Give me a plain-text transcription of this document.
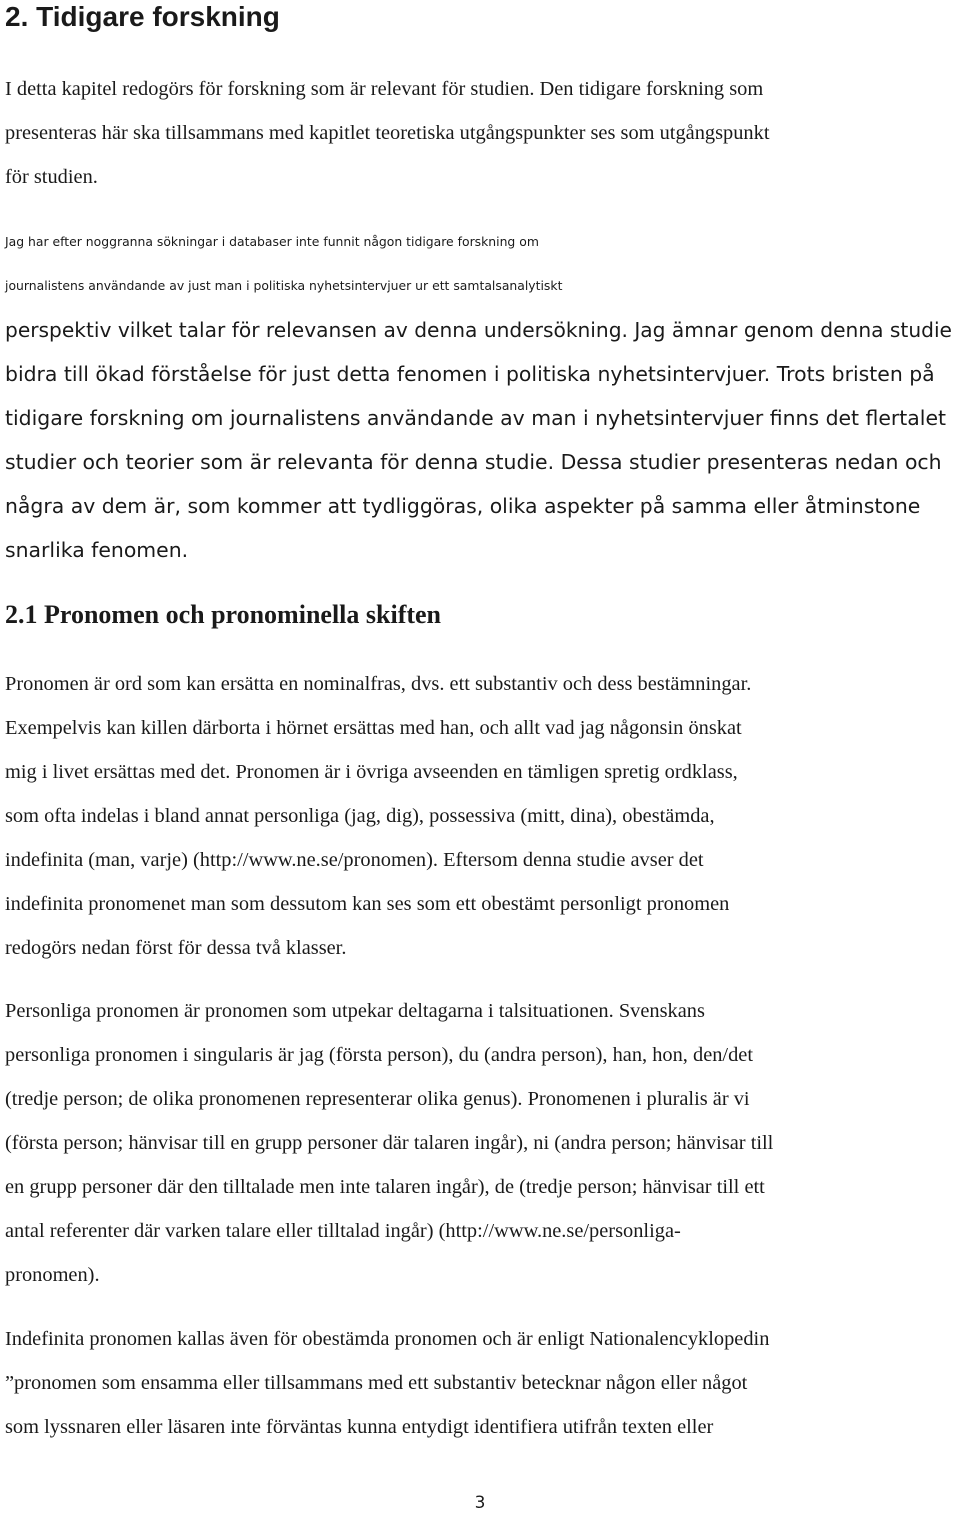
2. Tidigare forskning
I detta kapitel redogörs för forskning som är relevant för studien. Den tidigare forskning som
presenteras här ska tillsammans med kapitlet teoretiska utgångspunkter ses som utgångspunkt
för studien.
Jag har efter noggranna sökningar i databaser inte funnit någon tidigare forskning om
journalistens användande av just man i politiska nyhetsintervjuer ur ett samtalsanalytiskt
perspektiv vilket talar för relevansen av denna undersökning. Jag ämnar genom denna studie
bidra till ökad förståelse för just detta fenomen i politiska nyhetsintervjuer. Trots bristen på
tidigare forskning om journalistens användande av man i nyhetsintervjuer finns det flertalet
studier och teorier som är relevanta för denna studie. Dessa studier presenteras nedan och
några av dem är, som kommer att tydliggöras, olika aspekter på samma eller åtminstone
snarlika fenomen.
2.1 Pronomen och pronominella skiften
Pronomen är ord som kan ersätta en nominalfras, dvs. ett substantiv och dess bestämningar.
Exempelvis kan killen därborta i hörnet ersättas med han, och allt vad jag någonsin önskat
mig i livet ersättas med det. Pronomen är i övriga avseenden en tämligen spretig ordklass,
som ofta indelas i bland annat personliga (jag, dig), possessiva (mitt, dina), obestämda,
indefinita (man, varje) (http://www.ne.se/pronomen). Eftersom denna studie avser det
indefinita pronomenet man som dessutom kan ses som ett obestämt personligt pronomen
redogörs nedan först för dessa två klasser.
Personliga pronomen är pronomen som utpekar deltagarna i talsituationen. Svenskans
personliga pronomen i singularis är jag (första person), du (andra person), han, hon, den/det
(tredje person; de olika pronomenen representerar olika genus). Pronomenen i pluralis är vi
(första person; hänvisar till en grupp personer där talaren ingår), ni (andra person; hänvisar till
en grupp personer där den tilltalade men inte talaren ingår), de (tredje person; hänvisar till ett
antal referenter där varken talare eller tilltalad ingår) (http://www.ne.se/personliga-
pronomen).
Indefinita pronomen kallas även för obestämda pronomen och är enligt Nationalencyklopedin
”pronomen som ensamma eller tillsammans med ett substantiv betecknar någon eller något
som lyssnaren eller läsaren inte förväntas kunna entydigt identifiera utifrån texten eller
3
